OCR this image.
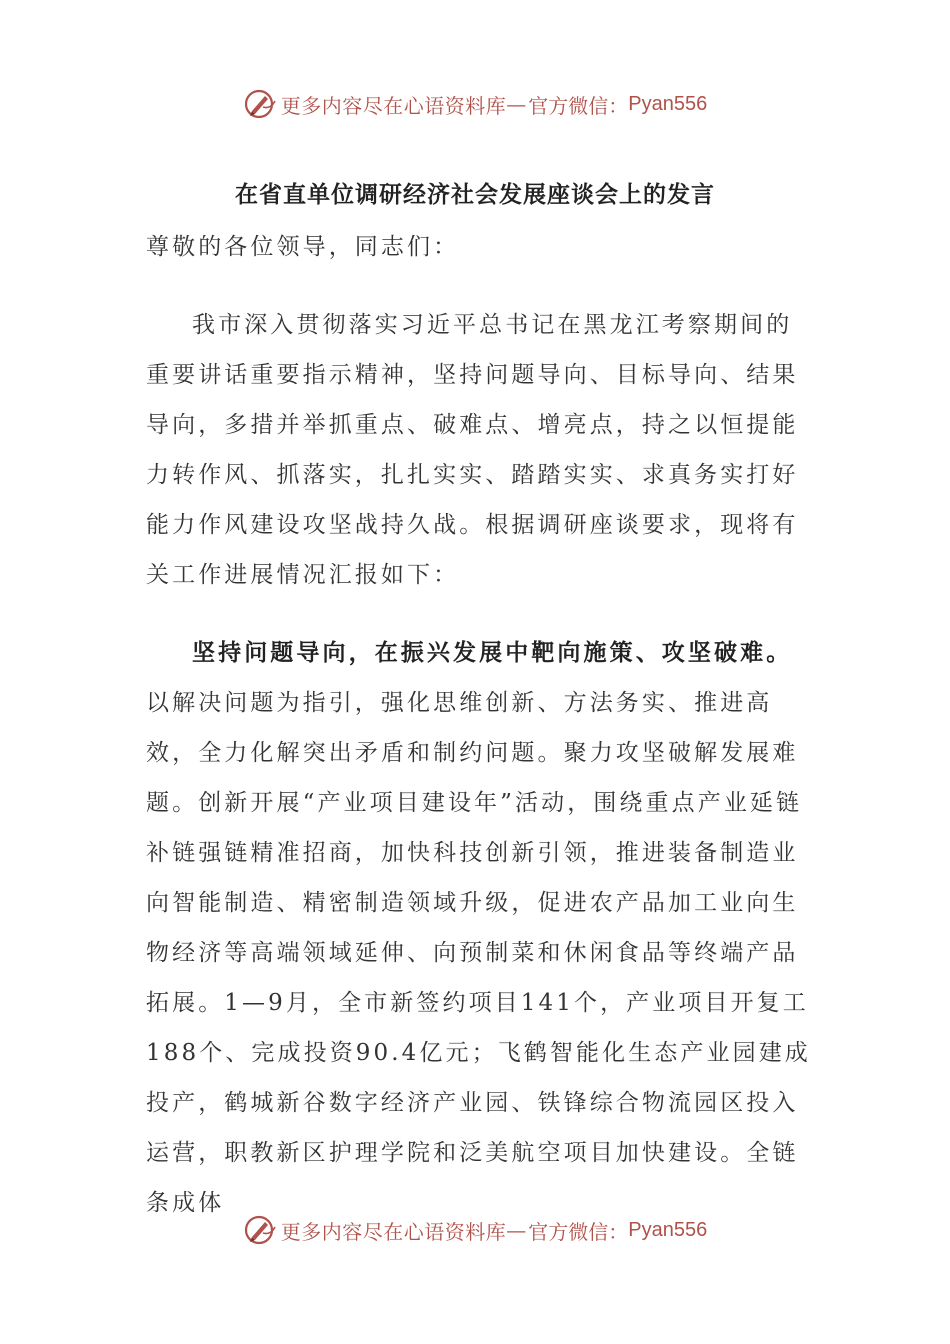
更多内容尽在心语资料库 — 官方微信： Pyan556
在省直单位调研经济社会发展座谈会上的发言

尊敬的各位领导，同志们：

我市深入贯彻落实习近平总书记在黑龙江考察期间的重要讲话重要指示精神，坚持问题导向、目标导向、结果导向，多措并举抓重点、破难点、增亮点，持之以恒提能力转作风、抓落实，扎扎实实、踏踏实实、求真务实打好能力作风建设攻坚战持久战。根据调研座谈要求，现将有关工作进展情况汇报如下：

坚持问题导向，在振兴发展中靶向施策、攻坚破难。以解决问题为指引，强化思维创新、方法务实、推进高效，全力化解突出矛盾和制约问题。聚力攻坚破解发展难题。创新开展“产业项目建设年”活动，围绕重点产业延链补链强链精准招商，加快科技创新引领，推进装备制造业向智能制造、精密制造领域升级，促进农产品加工业向生物经济等高端领域延伸、向预制菜和休闲食品等终端产品拓展。1—9月，全市新签约项目141个，产业项目开复工188个、完成投资90.4亿元；飞鹤智能化生态产业园建成投产，鹤城新谷数字经济产业园、铁锋综合物流园区投入运营，职教新区护理学院和泛美航空项目加快建设。全链条成体

更多内容尽在心语资料库 — 官方微信： Pyan556
